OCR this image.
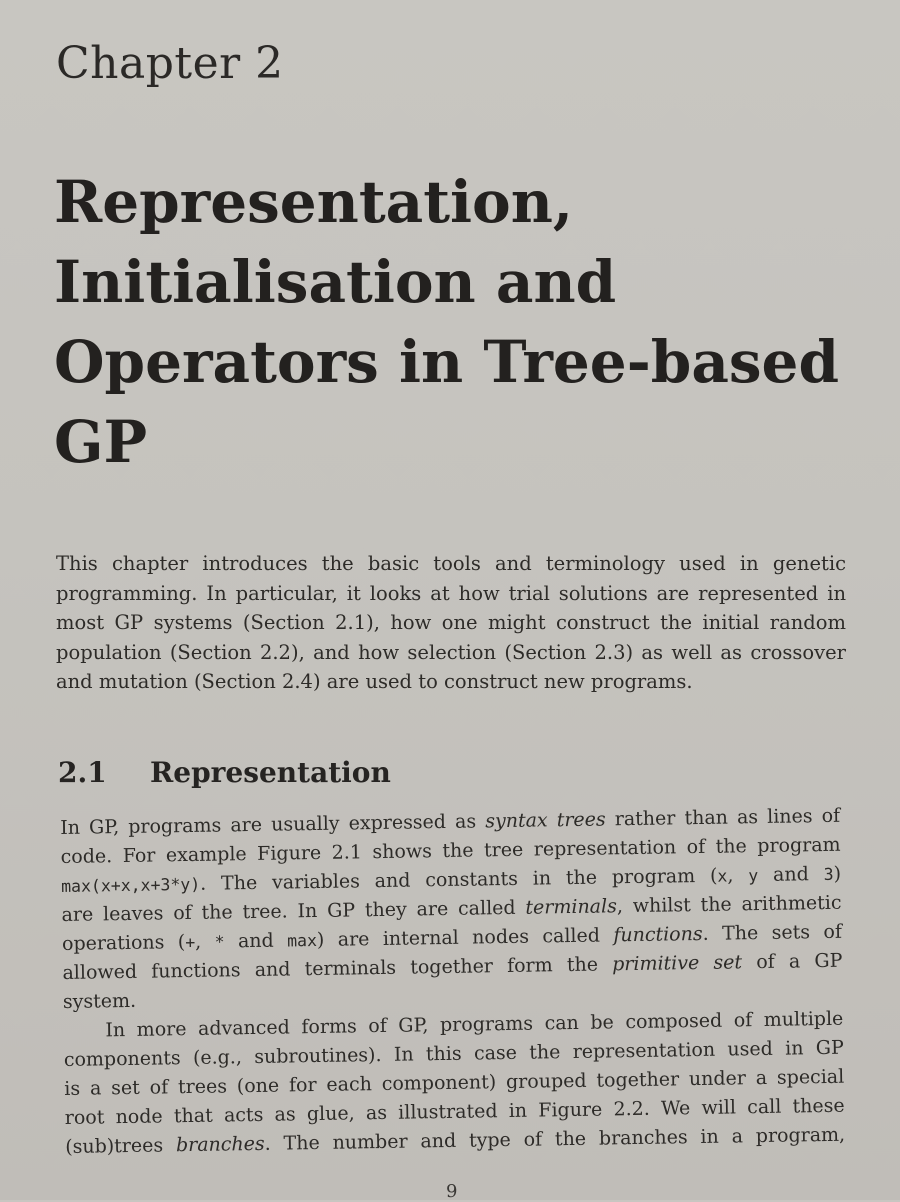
Chapter 2
Representation,
Initialisation and
Operators in Tree-based
GP
This chapter introduces the basic tools and terminology used in genetic
programming. In particular, it looks at how trial solutions are represented in
most GP systems (Section 2.1), how one might construct the initial random
population (Section 2.2), and how selection (Section 2.3) as well as crossover
and mutation (Section 2.4) are used to construct new programs.
2.1 Representation
In GP, programs are usually expressed as syntax trees rather than as lines of
code. For example Figure 2.1 shows the tree representation of the program
max(x+x,x+3*y). The variables and constants in the program (x, y and 3)
are leaves of the tree. In GP they are called terminals, whilst the arithmetic
operations (+, * and max) are internal nodes called functions. The sets of
allowed functions and terminals together form the primitive set of a GP
system.
In more advanced forms of GP, programs can be composed of multiple
components (e.g., subroutines). In this case the representation used in GP
is a set of trees (one for each component) grouped together under a special
root node that acts as glue, as illustrated in Figure 2.2. We will call these
(sub)trees branches. The number and type of the branches in a program,
9
